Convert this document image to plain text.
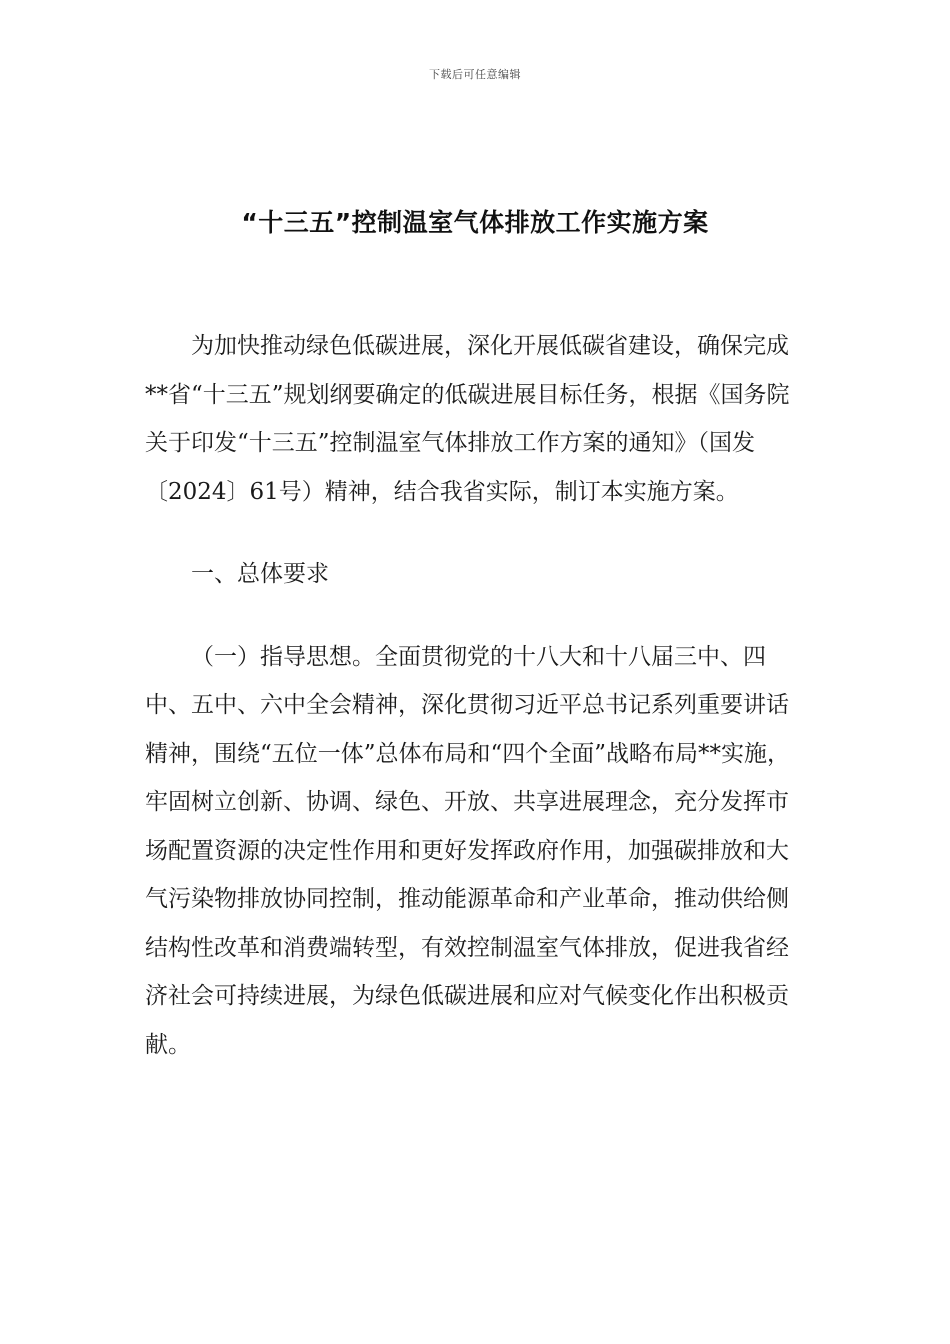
下载后可任意编辑
“十三五”控制温室气体排放工作实施方案

为加快推动绿色低碳进展，深化开展低碳省建设，确保完成**省“十三五”规划纲要确定的低碳进展目标任务，根据《国务院关于印发“十三五”控制温室气体排放工作方案的通知》（国发〔2024〕61号）精神，结合我省实际，制订本实施方案。

一、总体要求

（一）指导思想。全面贯彻党的十八大和十八届三中、四中、五中、六中全会精神，深化贯彻习近平总书记系列重要讲话精神，围绕“五位一体”总体布局和“四个全面”战略布局**实施，牢固树立创新、协调、绿色、开放、共享进展理念，充分发挥市场配置资源的决定性作用和更好发挥政府作用，加强碳排放和大气污染物排放协同控制，推动能源革命和产业革命，推动供给侧结构性改革和消费端转型，有效控制温室气体排放，促进我省经济社会可持续进展，为绿色低碳进展和应对气候变化作出积极贡献。
